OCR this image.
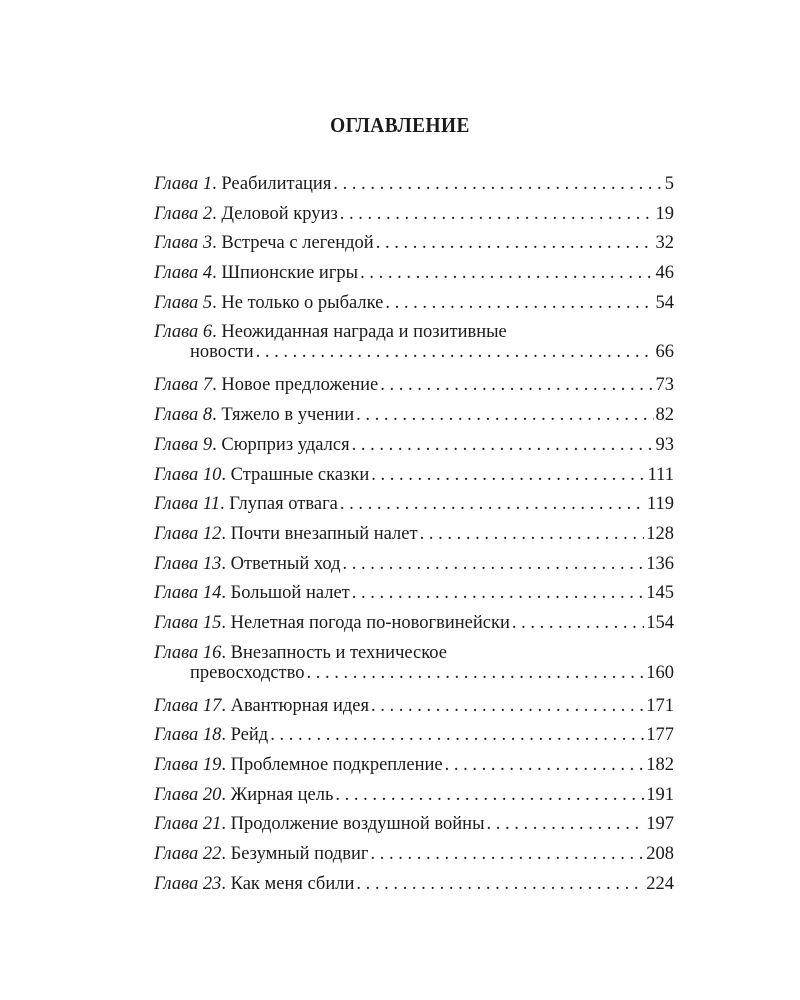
ОГЛАВЛЕНИЕ
Глава 1 . Реабилитация . . .	5
Глава 2 . Деловой круиз . . .	19
Глава 3 . Встреча с легендой . . .	32
Глава 4 . Шпионские игры . . .	46
Глава 5 . Не только о рыбалке . . .	54
Глава 6 . Неожиданная награда и позитивные
новости . . .	66
Глава 7 . Новое предложение . . .	73
Глава 8 . Тяжело в учении . . .	82
Глава 9 . Сюрприз удался . . .	93
Глава 10 . Страшные сказки . . .	111
Глава 11 . Глупая отвага . . .	119
Глава 12 . Почти внезапный налет . . .	128
Глава 13 . Ответный ход . . .	136
Глава 14 . Большой налет . . .	145
Глава 15 . Нелетная погода по-новогвинейски . . .	154
Глава 16 . Внезапность и техническое
превосходство . . .	160
Глава 17 . Авантюрная идея . . .	171
Глава 18 . Рейд . . .	177
Глава 19 . Проблемное подкрепление . . .	182
Глава 20 . Жирная цель . . .	191
Глава 21 . Продолжение воздушной войны . . .	197
Глава 22 . Безумный подвиг . . .	208
Глава 23 . Как меня сбили . . .	224
